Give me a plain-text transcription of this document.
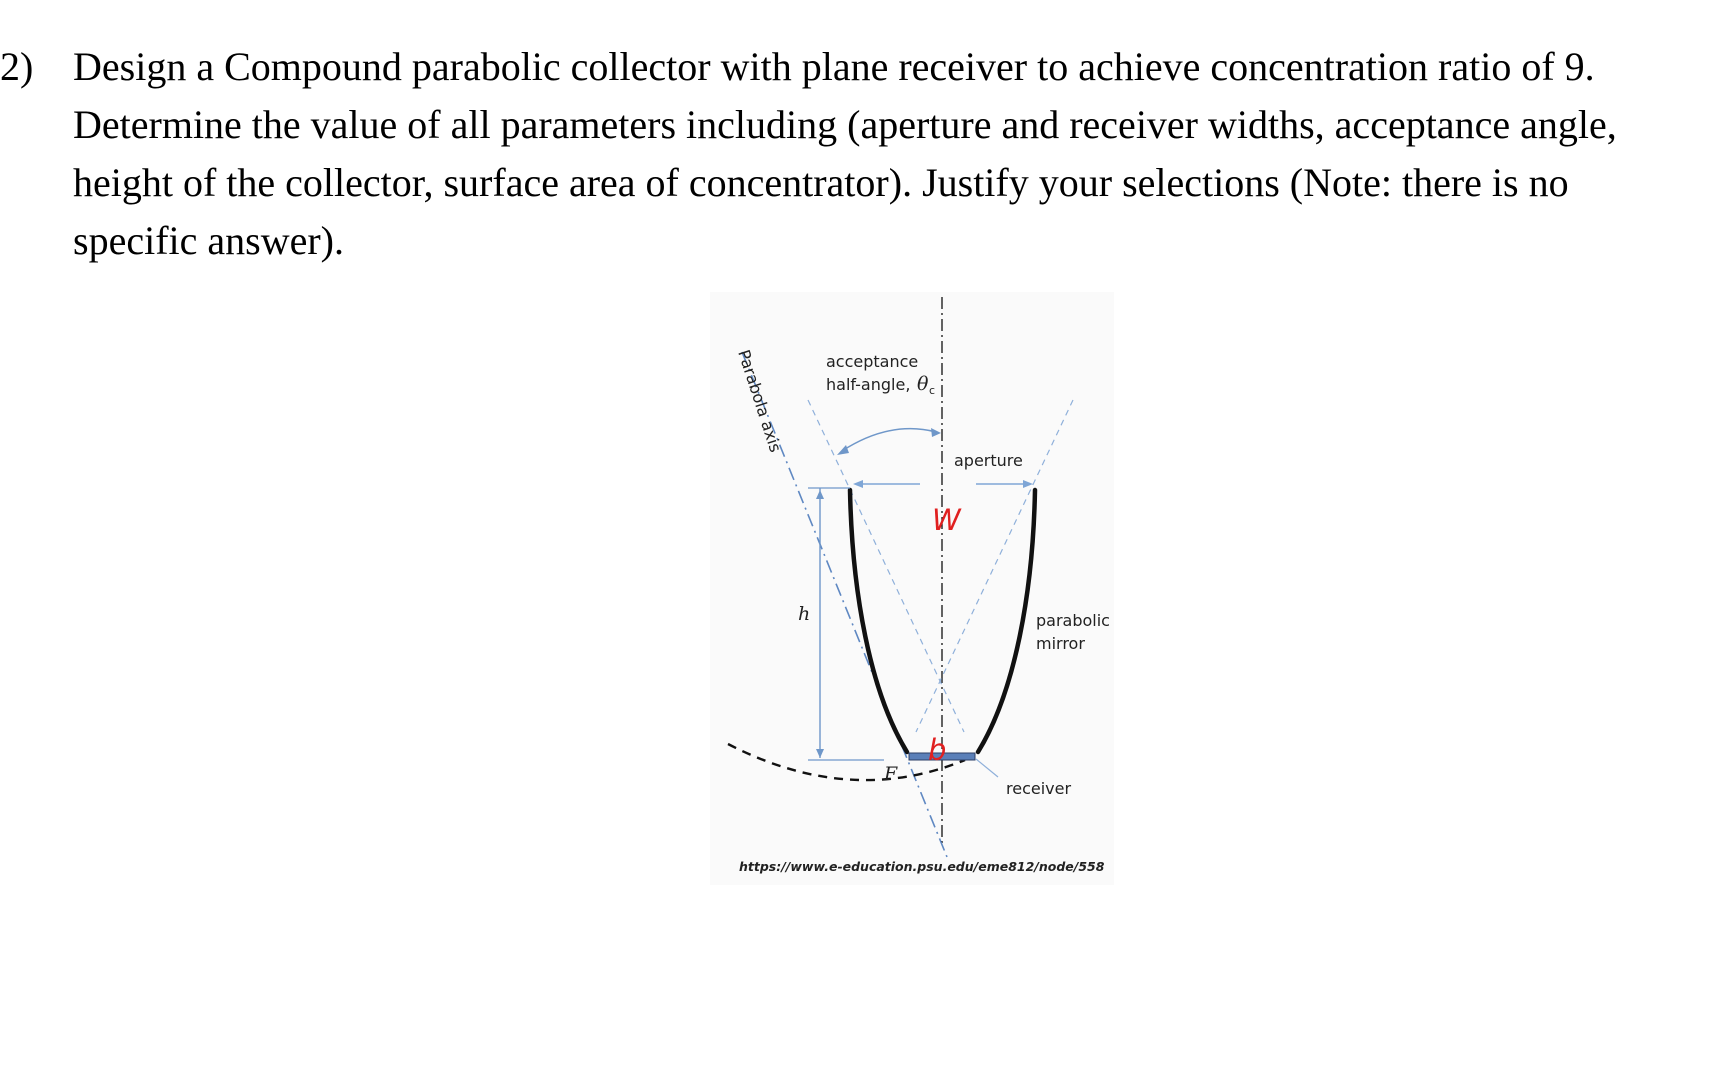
2) Design a Compound parabolic collector with plane receiver to achieve concentration ratio of 9.
Determine the value of all parameters including (aperture and receiver widths, acceptance angle,
height of the collector, surface area of concentrator). Justify your selections (Note: there is no
specific answer).
Parabola axis	acceptance
half-angle, θ c
aperture
W
h	parabolic
mirror
F
b
receiver
https://www.e-education.psu.edu/eme812/node/558
